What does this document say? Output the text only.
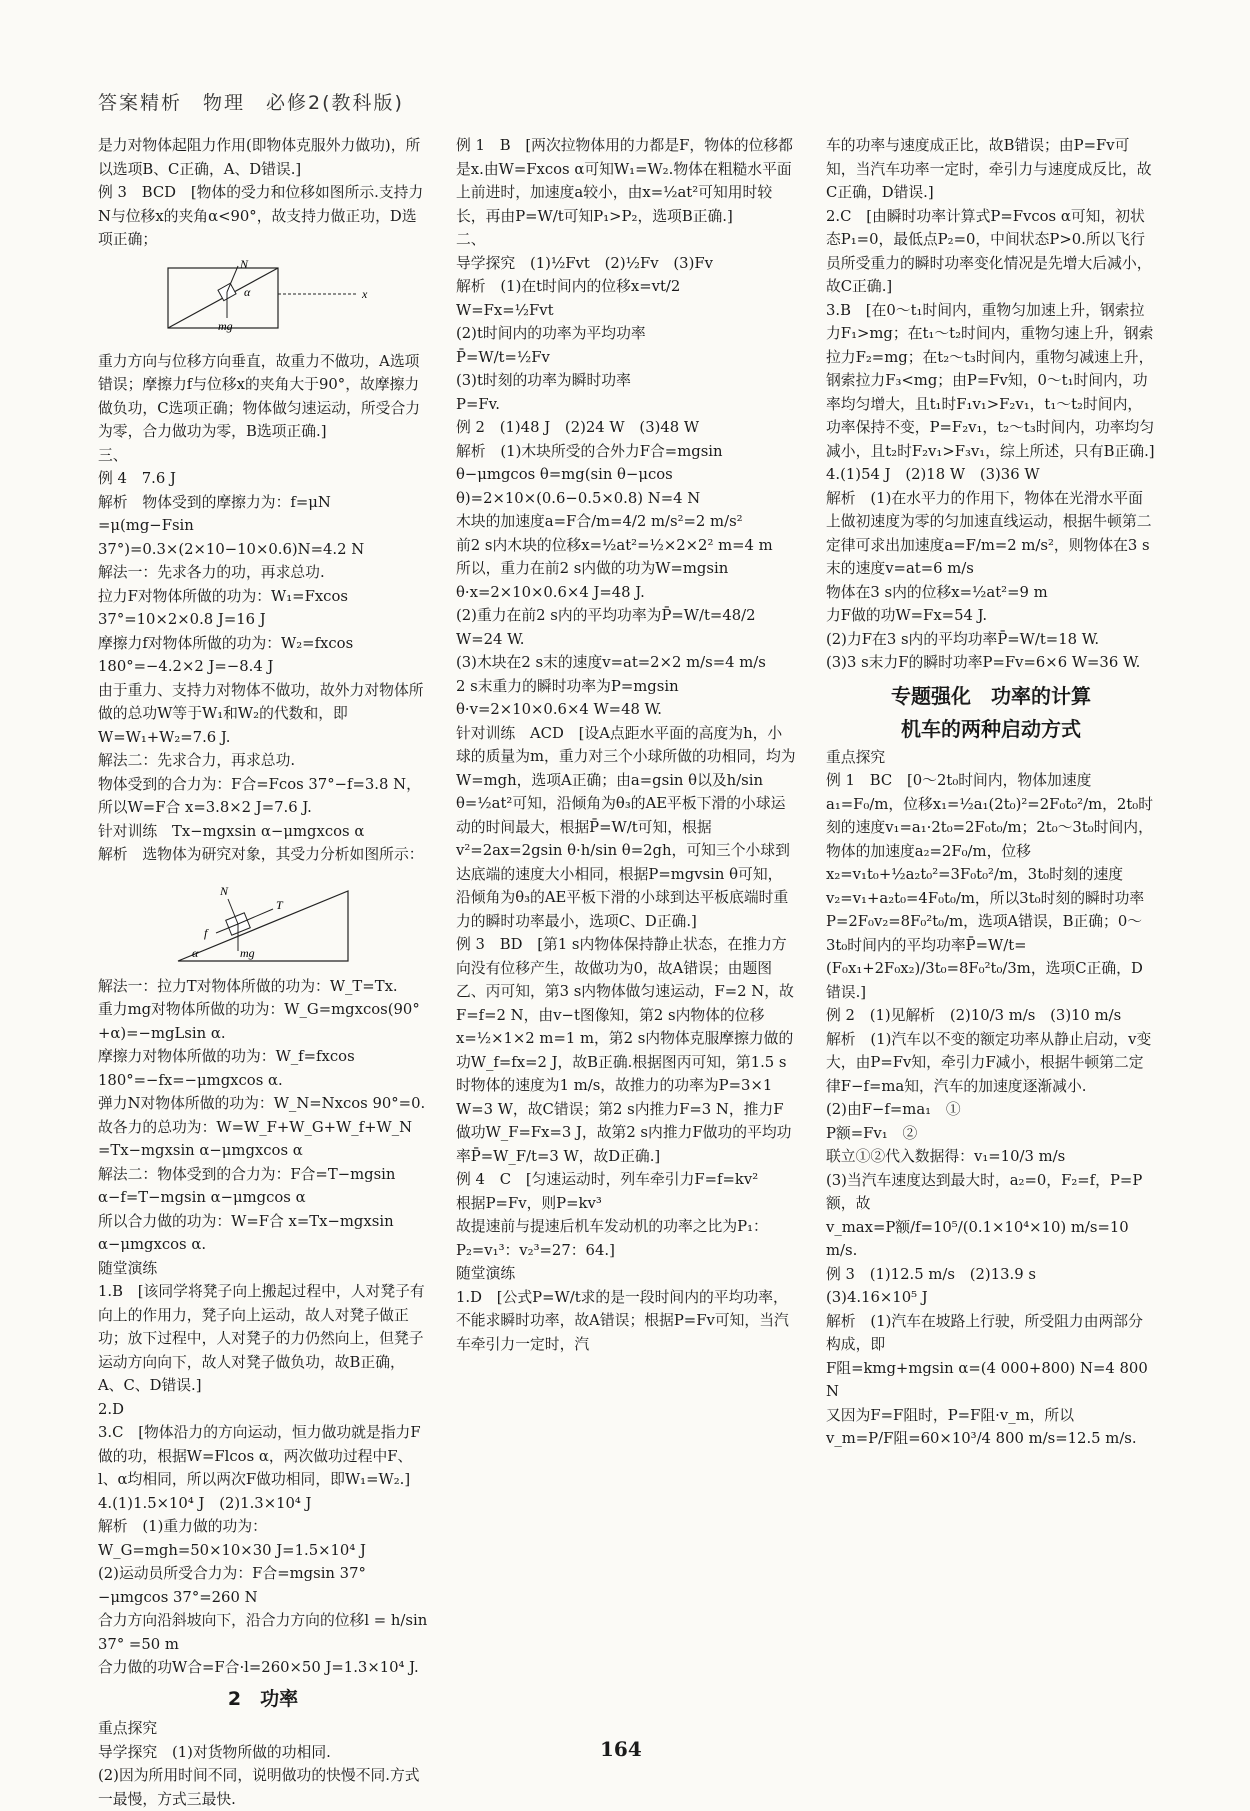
答案精析　物理　必修2(教科版)

是力对物体起阻力作用(即物体克服外力做功)，所以选项B、C正确，A、D错误.]

例 3　BCD　[物体的受力和位移如图所示.支持力N与位移x的夹角α<90°，故支持力做正功，D选项正确；

N
α	x
mg

重力方向与位移方向垂直，故重力不做功，A选项错误；摩擦力f与位移x的夹角大于90°，故摩擦力做负功，C选项正确；物体做匀速运动，所受合力为零，合力做功为零，B选项正确.]

三、

例 4　7.6 J

解析　物体受到的摩擦力为：f=μN =μ(mg−Fsin 37°)=0.3×(2×10−10×0.6)N=4.2 N

解法一：先求各力的功，再求总功.

拉力F对物体所做的功为：W₁=Fxcos 37°=10×2×0.8 J=16 J

摩擦力f对物体所做的功为：W₂=fxcos 180°=−4.2×2 J=−8.4 J

由于重力、支持力对物体不做功，故外力对物体所做的总功W等于W₁和W₂的代数和，即W=W₁+W₂=7.6 J.

解法二：先求合力，再求总功.

物体受到的合力为：F合=Fcos 37°−f=3.8 N，所以W=F合 x=3.8×2 J=7.6 J.

针对训练　Tx−mgxsin α−μmgxcos α

解析　选物体为研究对象，其受力分析如图所示：

N
T
f
mg
α

解法一：拉力T对物体所做的功为：W_T=Tx.

重力mg对物体所做的功为：W_G=mgxcos(90°+α)=−mgLsin α.

摩擦力对物体所做的功为：W_f=fxcos 180°=−fx=−μmgxcos α.

弹力N对物体所做的功为：W_N=Nxcos 90°=0.

故各力的总功为：W=W_F+W_G+W_f+W_N =Tx−mgxsin α−μmgxcos α

解法二：物体受到的合力为：F合=T−mgsin α−f=T−mgsin α−μmgcos α

所以合力做的功为：W=F合 x=Tx−mgxsin α−μmgxcos α.

随堂演练

1.B　[该同学将凳子向上搬起过程中，人对凳子有向上的作用力，凳子向上运动，故人对凳子做正功；放下过程中，人对凳子的力仍然向上，但凳子运动方向向下，故人对凳子做负功，故B正确，A、C、D错误.]

2.D

3.C　[物体沿力的方向运动，恒力做功就是指力F做的功，根据W=Flcos α，两次做功过程中F、l、α均相同，所以两次F做功相同，即W₁=W₂.]

4.(1)1.5×10⁴ J　(2)1.3×10⁴ J

解析　(1)重力做的功为：W_G=mgh=50×10×30 J=1.5×10⁴ J

(2)运动员所受合力为：F合=mgsin 37°−μmgcos 37°=260 N

合力方向沿斜坡向下，沿合力方向的位移l = h/sin 37° =50 m

合力做的功W合=F合·l=260×50 J=1.3×10⁴ J.

2　功率

重点探究

导学探究　(1)对货物所做的功相同.

(2)因为所用时间不同，说明做功的快慢不同.方式一最慢，方式三最快.

例 1　B　[两次拉物体用的力都是F，物体的位移都是x.由W=Fxcos α可知W₁=W₂.物体在粗糙水平面上前进时，加速度a较小，由x=½at²可知用时较长，再由P=W/t可知P₁>P₂，选项B正确.]

二、

导学探究　(1)½Fvt　(2)½Fv　(3)Fv

解析　(1)在t时间内的位移x=vt/2

W=Fx=½Fvt

(2)t时间内的功率为平均功率

P̄=W/t=½Fv

(3)t时刻的功率为瞬时功率

P=Fv.

例 2　(1)48 J　(2)24 W　(3)48 W

解析　(1)木块所受的合外力F合=mgsin θ−μmgcos θ=mg(sin θ−μcos θ)=2×10×(0.6−0.5×0.8) N=4 N

木块的加速度a=F合/m=4/2 m/s²=2 m/s²

前2 s内木块的位移x=½at²=½×2×2² m=4 m

所以，重力在前2 s内做的功为W=mgsin θ·x=2×10×0.6×4 J=48 J.

(2)重力在前2 s内的平均功率为P̄=W/t=48/2 W=24 W.

(3)木块在2 s末的速度v=at=2×2 m/s=4 m/s

2 s末重力的瞬时功率为P=mgsin θ·v=2×10×0.6×4 W=48 W.

针对训练　ACD　[设A点距水平面的高度为h，小球的质量为m，重力对三个小球所做的功相同，均为W=mgh，选项A正确；由a=gsin θ以及h/sin θ=½at²可知，沿倾角为θ₃的AE平板下滑的小球运动的时间最大，根据P̄=W/t可知，根据v²=2ax=2gsin θ·h/sin θ=2gh，可知三个小球到达底端的速度大小相同，根据P=mgvsin θ可知，沿倾角为θ₃的AE平板下滑的小球到达平板底端时重力的瞬时功率最小，选项C、D正确.]

例 3　BD　[第1 s内物体保持静止状态，在推力方向没有位移产生，故做功为0，故A错误；由题图乙、丙可知，第3 s内物体做匀速运动，F=2 N，故F=f=2 N，由v−t图像知，第2 s内物体的位移x=½×1×2 m=1 m，第2 s内物体克服摩擦力做的功W_f=fx=2 J，故B正确.根据图丙可知，第1.5 s时物体的速度为1 m/s，故推力的功率为P=3×1 W=3 W，故C错误；第2 s内推力F=3 N，推力F做功W_F=Fx=3 J，故第2 s内推力F做功的平均功率P̄=W_F/t=3 W，故D正确.]

例 4　C　[匀速运动时，列车牵引力F=f=kv²

根据P=Fv，则P=kv³

故提速前与提速后机车发动机的功率之比为P₁：P₂=v₁³：v₂³=27：64.]

随堂演练

1.D　[公式P=W/t求的是一段时间内的平均功率，不能求瞬时功率，故A错误；根据P=Fv可知，当汽车牵引力一定时，汽

车的功率与速度成正比，故B错误；由P=Fv可知，当汽车功率一定时，牵引力与速度成反比，故C正确，D错误.]

2.C　[由瞬时功率计算式P=Fvcos α可知，初状态P₁=0，最低点P₂=0，中间状态P>0.所以飞行员所受重力的瞬时功率变化情况是先增大后减小，故C正确.]

3.B　[在0～t₁时间内，重物匀加速上升，钢索拉力F₁>mg；在t₁～t₂时间内，重物匀速上升，钢索拉力F₂=mg；在t₂～t₃时间内，重物匀减速上升，钢索拉力F₃<mg；由P=Fv知，0～t₁时间内，功率均匀增大，且t₁时F₁v₁>F₂v₁，t₁～t₂时间内，功率保持不变，P=F₂v₁，t₂～t₃时间内，功率均匀减小，且t₂时F₂v₁>F₃v₁，综上所述，只有B正确.]

4.(1)54 J　(2)18 W　(3)36 W

解析　(1)在水平力的作用下，物体在光滑水平面上做初速度为零的匀加速直线运动，根据牛顿第二定律可求出加速度a=F/m=2 m/s²，则物体在3 s末的速度v=at=6 m/s

物体在3 s内的位移x=½at²=9 m

力F做的功W=Fx=54 J.

(2)力F在3 s内的平均功率P̄=W/t=18 W.

(3)3 s末力F的瞬时功率P=Fv=6×6 W=36 W.

专题强化　功率的计算

机车的两种启动方式

重点探究

例 1　BC　[0～2t₀时间内，物体加速度a₁=F₀/m，位移x₁=½a₁(2t₀)²=2F₀t₀²/m，2t₀时刻的速度v₁=a₁·2t₀=2F₀t₀/m；2t₀～3t₀时间内，物体的加速度a₂=2F₀/m，位移x₂=v₁t₀+½a₂t₀²=3F₀t₀²/m，3t₀时刻的速度v₂=v₁+a₂t₀=4F₀t₀/m，所以3t₀时刻的瞬时功率P=2F₀v₂=8F₀²t₀/m，选项A错误，B正确；0～3t₀时间内的平均功率P̄=W/t=(F₀x₁+2F₀x₂)/3t₀=8F₀²t₀/3m，选项C正确，D错误.]

例 2　(1)见解析　(2)10/3 m/s　(3)10 m/s

解析　(1)汽车以不变的额定功率从静止启动，v变大，由P=Fv知，牵引力F减小，根据牛顿第二定律F−f=ma知，汽车的加速度逐渐减小.

(2)由F−f=ma₁　①

P额=Fv₁　②

联立①②代入数据得：v₁=10/3 m/s

(3)当汽车速度达到最大时，a₂=0，F₂=f，P=P额，故

v_max=P额/f=10⁵/(0.1×10⁴×10) m/s=10 m/s.

例 3　(1)12.5 m/s　(2)13.9 s

(3)4.16×10⁵ J

解析　(1)汽车在坡路上行驶，所受阻力由两部分构成，即

F阻=kmg+mgsin α=(4 000+800) N=4 800 N

又因为F=F阻时，P=F阻·v_m，所以

v_m=P/F阻=60×10³/4 800 m/s=12.5 m/s.

164
